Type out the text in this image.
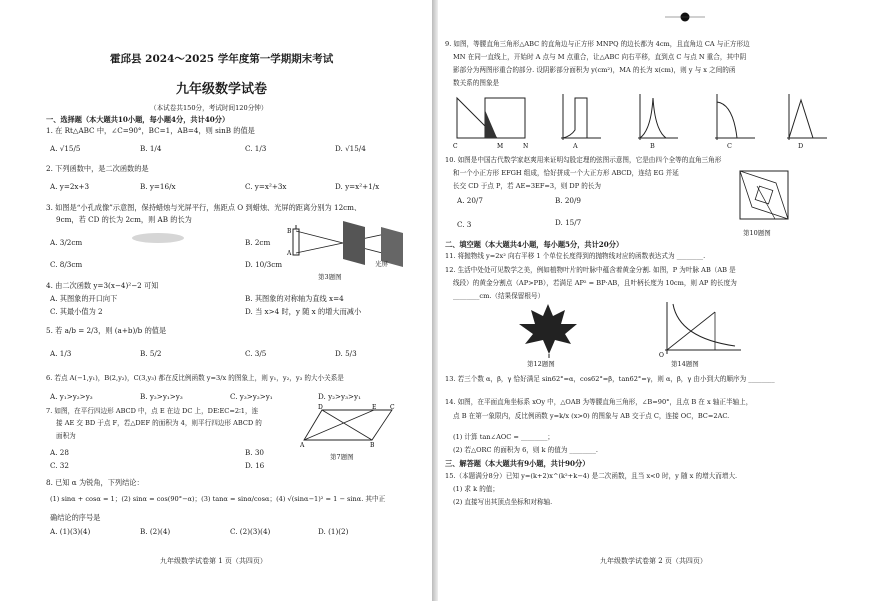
霍邱县 2024～2025 学年度第一学期期末考试
九年级数学试卷
（本试卷共150分，考试时间120分钟）
一、选择题（本大题共10小题，每小题4分，共计40分）
1. 在 Rt△ABC 中，∠C=90°，BC=1，AB=4，则 sinB 的值是
A. √15/5	B. 1/4	C. 1/3	D. √15/4
2. 下列函数中，是二次函数的是
A. y=2x+3	B. y=16/x	C. y=x²+3x	D. y=x²+1/x
3. 如图是“小孔成像”示意图，保持蜡烛与光屏平行，焦距点 O 到蜡烛、光屏的距离分别为 12cm、
9cm，若 CD 的长为 2cm，则 AB 的长为
A. 3/2cm	B. 2cm
C. 8/3cm	D. 10/3cm
B
A
光屏
第3题图
4. 由二次函数 y=3(x−4)²−2 可知
A. 其图象的开口向下	B. 其图象的对称轴为直线 x=4
C. 其最小值为 2	D. 当 x>4 时，y 随 x 的增大而减小
5. 若 a/b = 2/3，则 (a+b)/b 的值是
A. 1/3	B. 5/2	C. 3/5	D. 5/3
6. 若点 A(−1,y₁)，B(2,y₂)，C(3,y₃) 都在反比例函数 y=3/x 的图象上，则 y₁，y₂，y₃ 的大小关系是
A. y₁>y₂>y₃	B. y₂>y₁>y₃	C. y₃>y₂>y₁	D. y₂>y₃>y₁
7. 如图，在平行四边形 ABCD 中，点 E 在边 DC 上，DE∶EC=2∶1，连
接 AE 交 BD 于点 F，若△DEF 的面积为 4，则平行四边形 ABCD 的
面积为
A. 28	B. 30
C. 32	D. 16
D	E C
A	B
第7题图
8. 已知 α 为锐角，下列结论：
(1) sinα + cosα = 1；(2) sinα = cos(90°−α)；(3) tanα = sinα/cosα；(4) √(sinα−1)² = 1 − sinα. 其中正
确结论的序号是
A. (1)(3)(4)	B. (2)(4)	C. (2)(3)(4)	D. (1)(2)
九年级数学试卷第 1 页（共四页）
9. 如图，等腰直角三角形△ABC 的直角边与正方形 MNPQ 的边长都为 4cm，且直角边 CA 与正方形边
MN 在同一直线上，开始时 A 点与 M 点重合，让△ABC 向右平移，直到点 C 与点 N 重合，其中阴
影部分为两图形重合的部分. 设阴影部分面积为 y(cm²)，MA 的长为 x(cm)，则 y 与 x 之间的函
数关系的图象是
C	M	N	A	B	C	D
10. 如图是中国古代数学家赵爽用来证明勾股定理的弦图示意图，它是由四个全等的直角三角形
和一个小正方形 EFGH 组成，恰好拼成一个大正方形 ABCD，连结 EG 并延
长交 CD 于点 P，若 AE=3EF=3，则 DP 的长为
A. 20/7	B. 20/9
C. 3	D. 15/7
第10题图
二、填空题（本大题共4小题，每小题5分，共计20分）
11. 将抛物线 y=2x² 向右平移 1 个单位长度得到的抛物线对应的函数表达式为 ________.
12. 生活中处处可见数学之美，例如植物叶片的叶脉中蕴含着黄金分割. 如图，P 为叶脉 AB（AB 是
线段）的黄金分割点（AP>PB），若满足 AP² = BP·AB，且叶柄长度为 10cm，则 AP 的长度为
________cm.（结果保留根号）
第12题图
O
第14题图
13. 若三个数 α，β，γ 恰好满足 sin62°=α，cos62°=β，tan62°=γ，则 α，β，γ 由小到大的顺序为 ________
14. 如图，在平面直角坐标系 xOy 中，△OAB 为等腰直角三角形，∠B=90°，且点 B 在 x 轴正半轴上，
点 B 在第一象限内，反比例函数 y=k/x (x>0) 的图象与 AB 交于点 C，连接 OC，BC=2AC.
(1) 计算 tan∠AOC = ________；
(2) 若△ORC 的面积为 6，则 k 的值为 ________.
三、解答题（本大题共有9小题，共计90分）
15.（本题满分8分）已知 y=(k+2)x^(k²+k−4) 是二次函数，且当 x<0 时，y 随 x 的增大而增大.
(1) 求 k 的值；
(2) 直接写出其顶点坐标和对称轴.
九年级数学试卷第 2 页（共四页）
